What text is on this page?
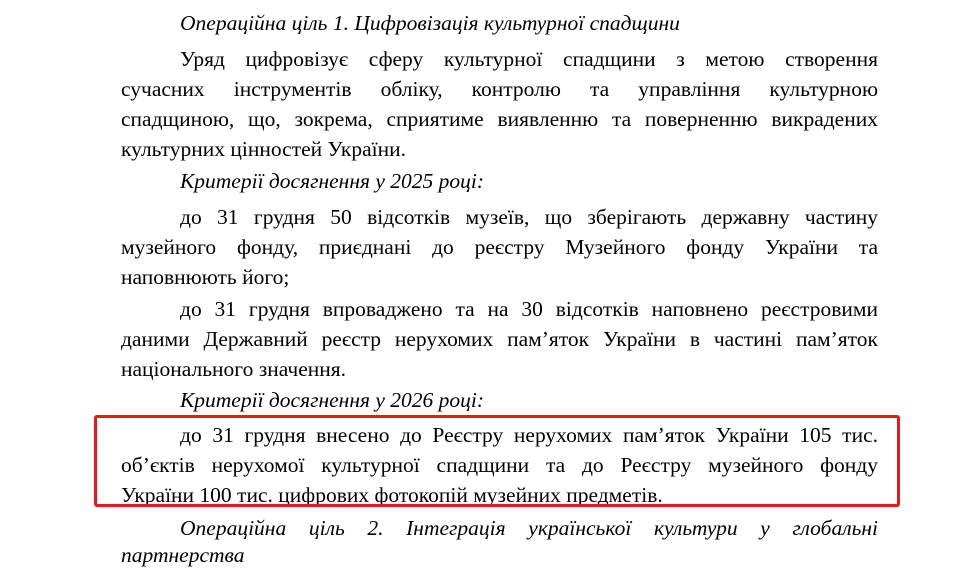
Операційна ціль 1. Цифровізація культурної спадщини
Уряд цифровізує сферу культурної спадщини з метою створення
сучасних інструментів обліку, контролю та управління культурною
спадщиною, що, зокрема, сприятиме виявленню та поверненню викрадених
культурних цінностей України.
Критерії досягнення у 2025 році:
до 31 грудня 50 відсотків музеїв, що зберігають державну частину
музейного фонду, приєднані до реєстру Музейного фонду України та
наповнюють його;
до 31 грудня впроваджено та на 30 відсотків наповнено реєстровими
даними Державний реєстр нерухомих пам’яток України в частині пам’яток
національного значення.
Критерії досягнення у 2026 році:
до 31 грудня внесено до Реєстру нерухомих пам’яток України 105 тис.
об’єктів нерухомої культурної спадщини та до Реєстру музейного фонду
України 100 тис. цифрових фотокопій музейних предметів.
Операційна ціль 2. Інтеграція української культури у глобальні
партнерства
